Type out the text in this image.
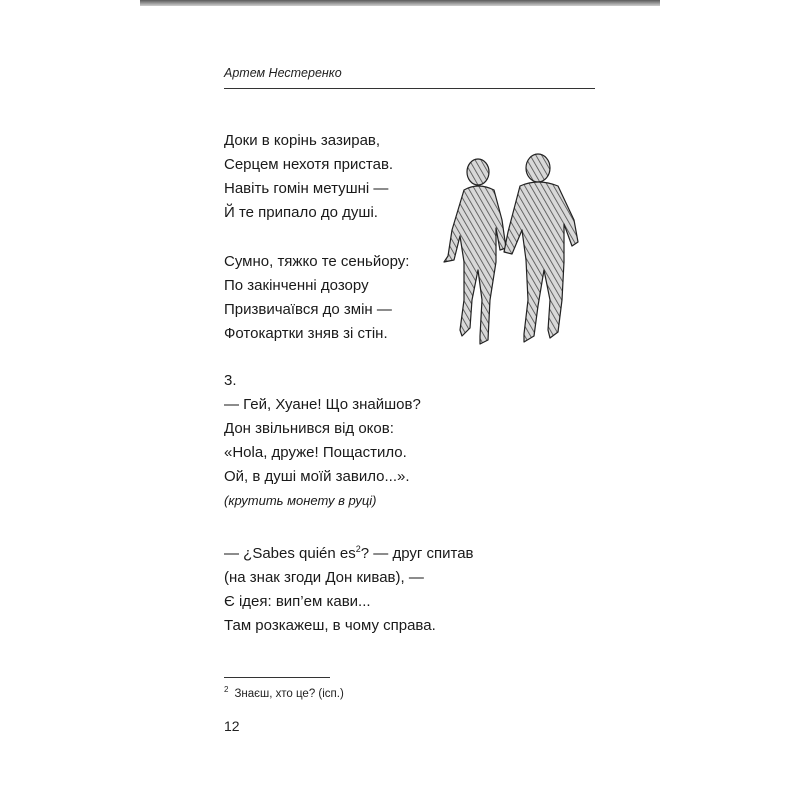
Артем Нестеренко
Доки в корінь зазирав,
Серцем нехотя пристав.
Навіть гомін метушні —
Й те припало до душі.
Сумно, тяжко те сеньйору:
По закінченні дозору
Призвичаївся до змін —
Фотокартки зняв зі стін.
3.
— Гей, Хуане! Що знайшов?
Дон звільнився від оков:
«Hola, друже! Пощастило.
Ой, в душі моїй завило...».
(крутить монету в руці)
— ¿Sabes quién es$^2$? — друг спитав
(на знак згоди Дон кивав), —
Є ідея: вип’ем кави...
Там розкажеш, в чому справа.
$^2$ Знаєш, хто це? (ісп.)
12
